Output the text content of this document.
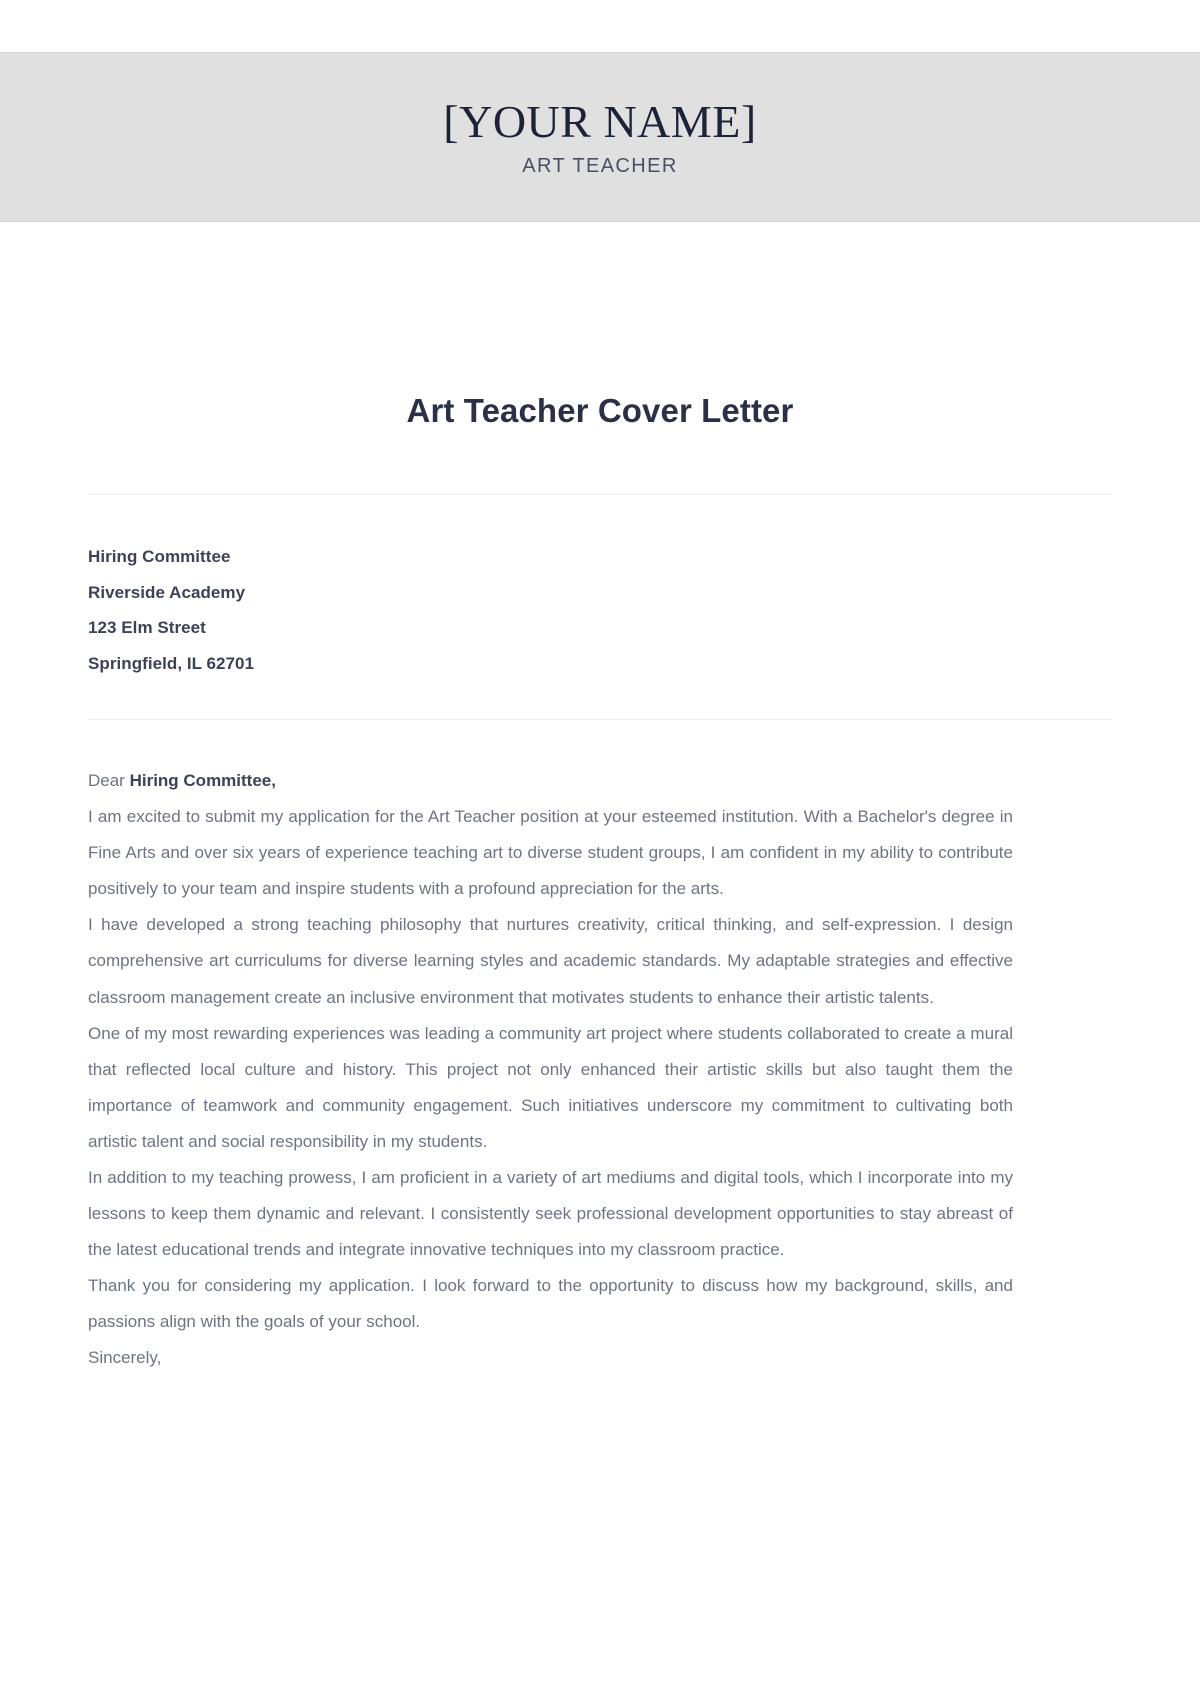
[YOUR NAME]
ART TEACHER
Art Teacher Cover Letter
Hiring Committee
Riverside Academy
123 Elm Street
Springfield, IL 62701
Dear Hiring Committee,

I am excited to submit my application for the Art Teacher position at your esteemed institution. With a Bachelor's degree in Fine Arts and over six years of experience teaching art to diverse student groups, I am confident in my ability to contribute positively to your team and inspire students with a profound appreciation for the arts.

I have developed a strong teaching philosophy that nurtures creativity, critical thinking, and self-expression. I design comprehensive art curriculums for diverse learning styles and academic standards. My adaptable strategies and effective classroom management create an inclusive environment that motivates students to enhance their artistic talents.

One of my most rewarding experiences was leading a community art project where students collaborated to create a mural that reflected local culture and history. This project not only enhanced their artistic skills but also taught them the importance of teamwork and community engagement. Such initiatives underscore my commitment to cultivating both artistic talent and social responsibility in my students.

In addition to my teaching prowess, I am proficient in a variety of art mediums and digital tools, which I incorporate into my lessons to keep them dynamic and relevant. I consistently seek professional development opportunities to stay abreast of the latest educational trends and integrate innovative techniques into my classroom practice.

Thank you for considering my application. I look forward to the opportunity to discuss how my background, skills, and passions align with the goals of your school.

Sincerely,
